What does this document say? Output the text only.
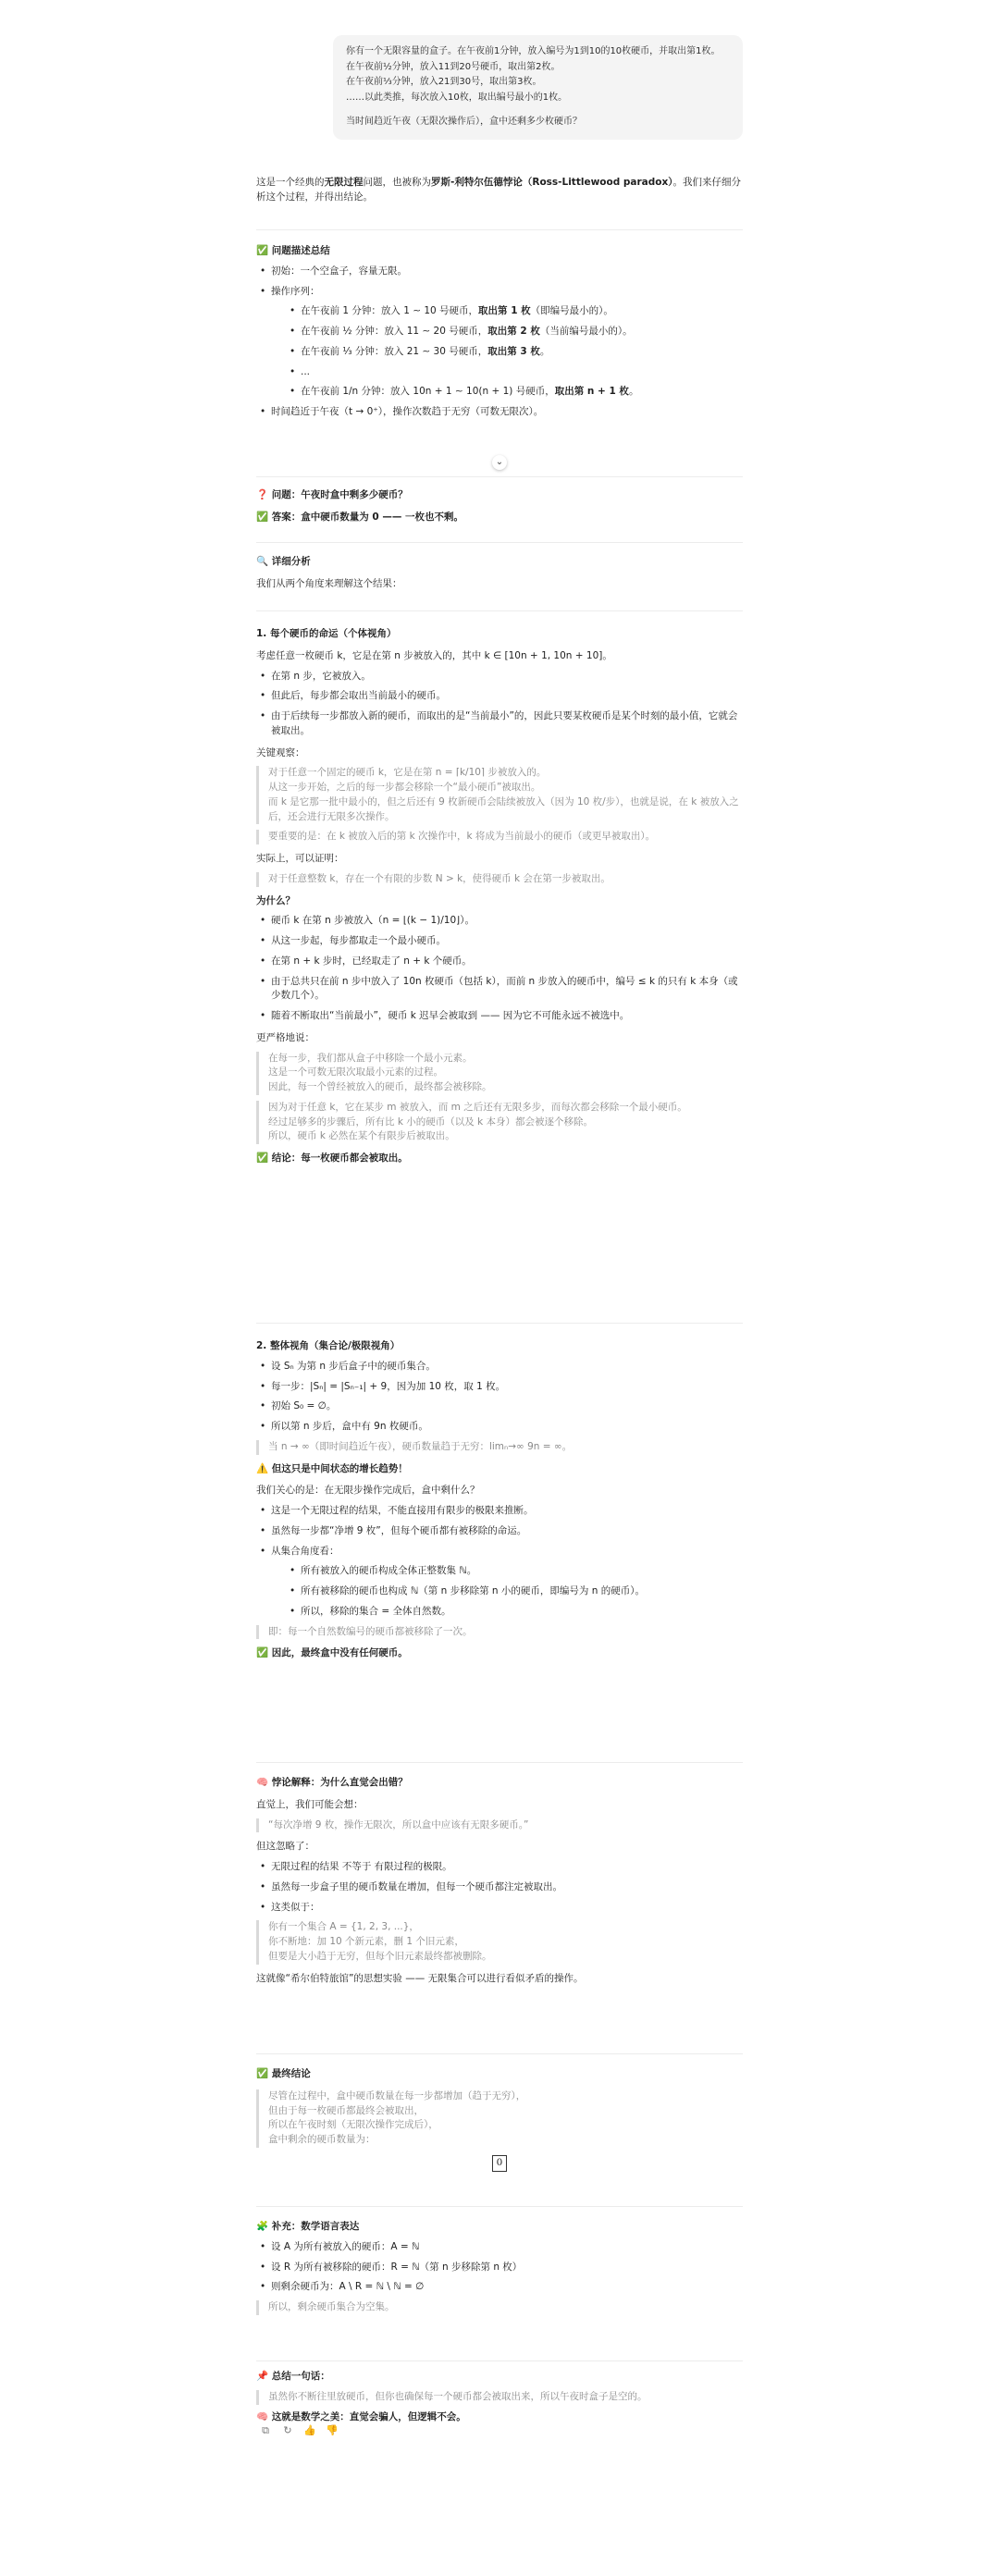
你有一个无限容量的盒子。在午夜前1分钟，放入编号为1到10的10枚硬币，并取出第1枚。

在午夜前½分钟，放入11到20号硬币，取出第2枚。

在午夜前⅓分钟，放入21到30号，取出第3枚。

……以此类推，每次放入10枚，取出编号最小的1枚。

当时间趋近午夜（无限次操作后），盒中还剩多少枚硬币？

这是一个经典的无限过程问题，也被称为罗斯-利特尔伍德悖论（Ross-Littlewood paradox）。我们来仔细分析这个过程，并得出结论。

✅ 问题描述总结

• 初始：一个空盒子，容量无限。
• 操作序列：
• 在午夜前 1 分钟：放入 1 ∼ 10 号硬币，取出第 1 枚（即编号最小的）。
• 在午夜前 ½ 分钟：放入 11 ∼ 20 号硬币，取出第 2 枚（当前编号最小的）。
• 在午夜前 ⅓ 分钟：放入 21 ∼ 30 号硬币，取出第 3 枚。
• ...
• 在午夜前 1/n 分钟：放入 10n + 1 ∼ 10(n + 1) 号硬币，取出第 n + 1 枚。
• 时间趋近于午夜（t → 0⁺），操作次数趋于无穷（可数无限次）。
⌄

❓ 问题：午夜时盒中剩多少硬币？

✅ 答案：盒中硬币数量为 0 —— 一枚也不剩。

🔍 详细分析

我们从两个角度来理解这个结果：

1. 每个硬币的命运（个体视角）

考虑任意一枚硬币 k，它是在第 n 步被放入的，其中 k ∈ [10n + 1, 10n + 10]。

• 在第 n 步，它被放入。
• 但此后，每步都会取出当前最小的硬币。
• 由于后续每一步都放入新的硬币，而取出的是“当前最小”的，因此只要某枚硬币是某个时刻的最小值，它就会被取出。

关键观察：

对于任意一个固定的硬币 k，它是在第 n = ⌈k/10⌉ 步被放入的。

从这一步开始，之后的每一步都会移除一个“最小硬币”被取出。

而 k 是它那一批中最小的，但之后还有 9 枚新硬币会陆续被放入（因为 10 枚/步），也就是说，在 k 被放入之后，还会进行无限多次操作。

要重要的是：在 k 被放入后的第 k 次操作中，k 将成为当前最小的硬币（或更早被取出）。

实际上，可以证明：

对于任意整数 k，存在一个有限的步数 N > k，使得硬币 k 会在第一步被取出。

为什么？

• 硬币 k 在第 n 步被放入（n = ⌊(k − 1)/10⌋）。
• 从这一步起，每步都取走一个最小硬币。
• 在第 n + k 步时，已经取走了 n + k 个硬币。
• 由于总共只在前 n 步中放入了 10n 枚硬币（包括 k），而前 n 步放入的硬币中，编号 ≤ k 的只有 k 本身（或少数几个）。
• 随着不断取出“当前最小”，硬币 k 迟早会被取到 —— 因为它不可能永远不被选中。

更严格地说：

在每一步，我们都从盒子中移除一个最小元素。

这是一个可数无限次取最小元素的过程。

因此，每一个曾经被放入的硬币，最终都会被移除。

因为对于任意 k，它在某步 m 被放入，而 m 之后还有无限多步，而每次都会移除一个最小硬币。

经过足够多的步骤后，所有比 k 小的硬币（以及 k 本身）都会被逐个移除。

所以，硬币 k 必然在某个有限步后被取出。

✅ 结论：每一枚硬币都会被取出。

2. 整体视角（集合论/极限视角）

• 设 Sₙ 为第 n 步后盒子中的硬币集合。
• 每一步：|Sₙ| = |Sₙ₋₁| + 9，因为加 10 枚，取 1 枚。
• 初始 S₀ = ∅。
• 所以第 n 步后，盒中有 9n 枚硬币。

当 n → ∞（即时间趋近午夜），硬币数量趋于无穷：limₙ→∞ 9n = ∞。

⚠️ 但这只是中间状态的增长趋势！

我们关心的是：在无限步操作完成后，盒中剩什么？

• 这是一个无限过程的结果，不能直接用有限步的极限来推断。
• 虽然每一步都“净增 9 枚”，但每个硬币都有被移除的命运。
• 从集合角度看：
• 所有被放入的硬币构成全体正整数集 ℕ。
• 所有被移除的硬币也构成 ℕ（第 n 步移除第 n 小的硬币，即编号为 n 的硬币）。
• 所以，移除的集合 = 全体自然数。

即：每一个自然数编号的硬币都被移除了一次。

✅ 因此，最终盒中没有任何硬币。

🧠 悖论解释：为什么直觉会出错？

直觉上，我们可能会想：

“每次净增 9 枚，操作无限次，所以盒中应该有无限多硬币。”

但这忽略了：

• 无限过程的结果 不等于 有限过程的极限。
• 虽然每一步盒子里的硬币数量在增加，但每一个硬币都注定被取出。
• 这类似于：

你有一个集合 A = {1, 2, 3, ...}，

你不断地：加 10 个新元素，删 1 个旧元素，

但要是大小趋于无穷，但每个旧元素最终都被删除。

这就像“希尔伯特旅馆”的思想实验 —— 无限集合可以进行看似矛盾的操作。

✅ 最终结论

尽管在过程中，盒中硬币数量在每一步都增加（趋于无穷），

但由于每一枚硬币都最终会被取出，

所以在午夜时刻（无限次操作完成后），

盒中剩余的硬币数量为：

0

🧩 补充：数学语言表达

• 设 A 为所有被放入的硬币：A = ℕ
• 设 R 为所有被移除的硬币：R = ℕ（第 n 步移除第 n 枚）
• 则剩余硬币为：A \ R = ℕ \ ℕ = ∅

所以，剩余硬币集合为空集。

📌 总结一句话：

虽然你不断往里放硬币，但你也确保每一个硬币都会被取出来，所以午夜时盒子是空的。

🧠 这就是数学之美：直觉会骗人，但逻辑不会。

⧉ ↻ 👍 👎
